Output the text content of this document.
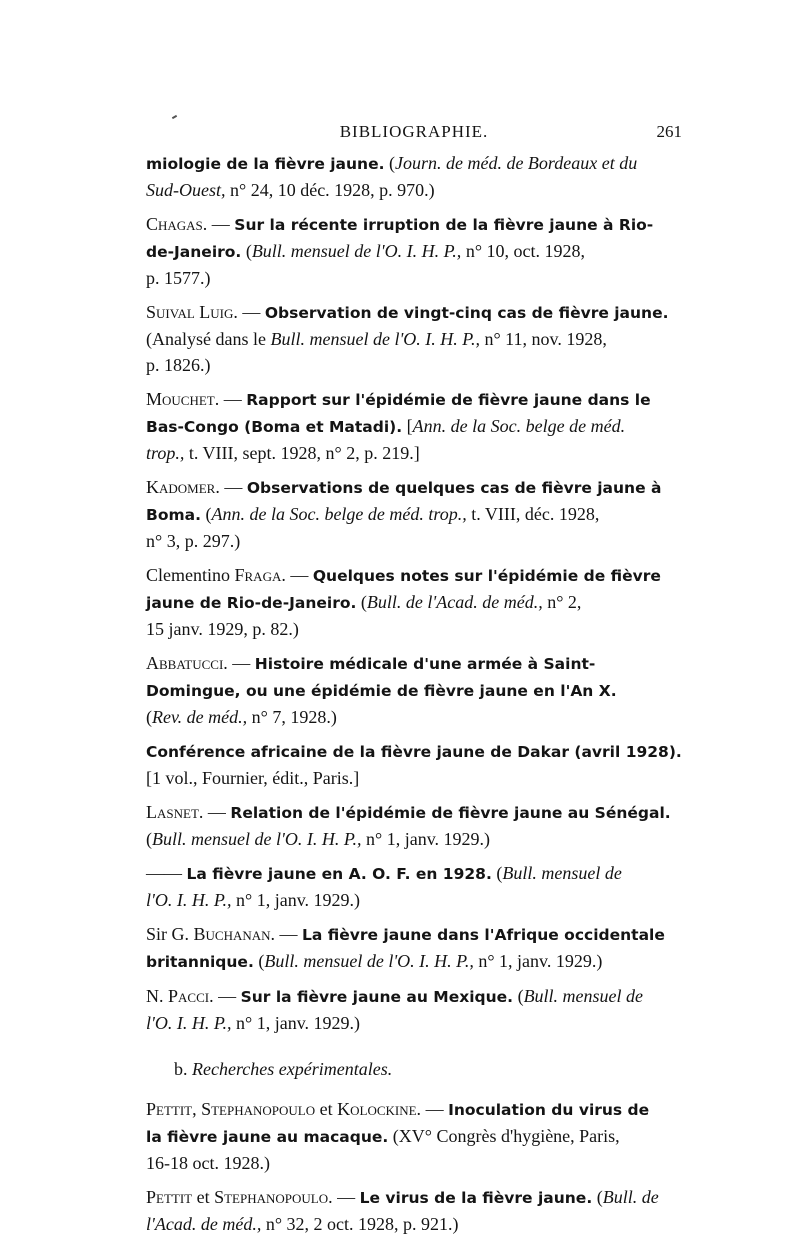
BIBLIOGRAPHIE.	261
miologie de la fièvre jaune. (Journ. de méd. de Bordeaux et du
Sud-Ouest, n° 24, 10 déc. 1928, p. 970.)
Chagas. — Sur la récente irruption de la fièvre jaune à Rio-
de-Janeiro. (Bull. mensuel de l'O. I. H. P., n° 10, oct. 1928,
p. 1577.)
Suival Luig. — Observation de vingt-cinq cas de fièvre jaune.
(Analysé dans le Bull. mensuel de l'O. I. H. P., n° 11, nov. 1928,
p. 1826.)
Mouchet. — Rapport sur l'épidémie de fièvre jaune dans le
Bas-Congo (Boma et Matadi). [Ann. de la Soc. belge de méd.
trop., t. VIII, sept. 1928, n° 2, p. 219.]
Kadomer. — Observations de quelques cas de fièvre jaune à
Boma. (Ann. de la Soc. belge de méd. trop., t. VIII, déc. 1928,
n° 3, p. 297.)
Clementino Fraga. — Quelques notes sur l'épidémie de fièvre
jaune de Rio-de-Janeiro. (Bull. de l'Acad. de méd., n° 2,
15 janv. 1929, p. 82.)
Abbatucci. — Histoire médicale d'une armée à Saint-
Domingue, ou une épidémie de fièvre jaune en l'An X.
(Rev. de méd., n° 7, 1928.)
Conférence africaine de la fièvre jaune de Dakar (avril 1928).
[1 vol., Fournier, édit., Paris.]
Lasnet. — Relation de l'épidémie de fièvre jaune au Sénégal.
(Bull. mensuel de l'O. I. H. P., n° 1, janv. 1929.)
—— La fièvre jaune en A. O. F. en 1928. (Bull. mensuel de
l'O. I. H. P., n° 1, janv. 1929.)
Sir G. Buchanan. — La fièvre jaune dans l'Afrique occidentale
britannique. (Bull. mensuel de l'O. I. H. P., n° 1, janv. 1929.)
N. Pacci. — Sur la fièvre jaune au Mexique. (Bull. mensuel de
l'O. I. H. P., n° 1, janv. 1929.)
b. Recherches expérimentales.
Pettit, Stephanopoulo et Kolockine. — Inoculation du virus de
la fièvre jaune au macaque. (XV° Congrès d'hygiène, Paris,
16-18 oct. 1928.)
Pettit et Stephanopoulo. — Le virus de la fièvre jaune. (Bull. de
l'Acad. de méd., n° 32, 2 oct. 1928, p. 921.)
